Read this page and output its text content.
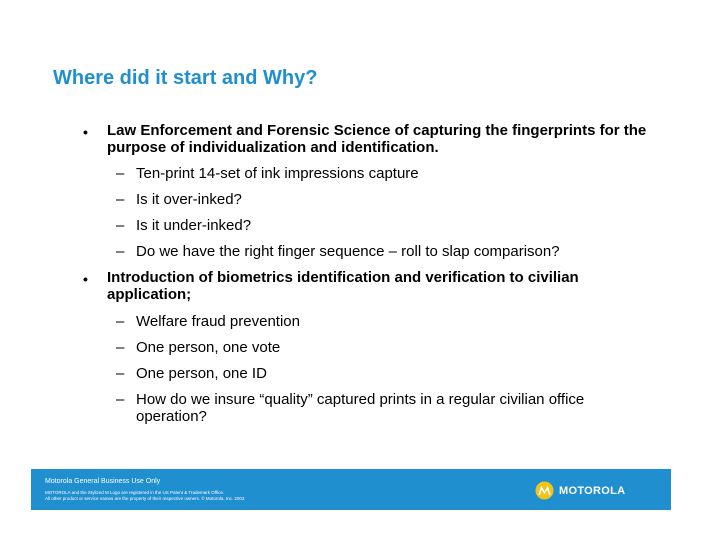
Where did it start and Why?
• Law Enforcement and Forensic Science of capturing the fingerprints for the purpose of individualization and identification.
– Ten-print 14-set of ink impressions capture
– Is it over-inked?
– Is it under-inked?
– Do we have the right finger sequence – roll to slap comparison?
• Introduction of biometrics identification and verification to civilian application;
– Welfare fraud prevention
– One person, one vote
– One person, one ID
– How do we insure “quality” captured prints in a regular civilian office operation?
Motorola General Business Use Only
MOTOROLA and the Stylized M Logo are registered in the US Patent & Trademark Office.
All other product or service names are the property of their respective owners. © Motorola, Inc. 2003
MOTOROLA
